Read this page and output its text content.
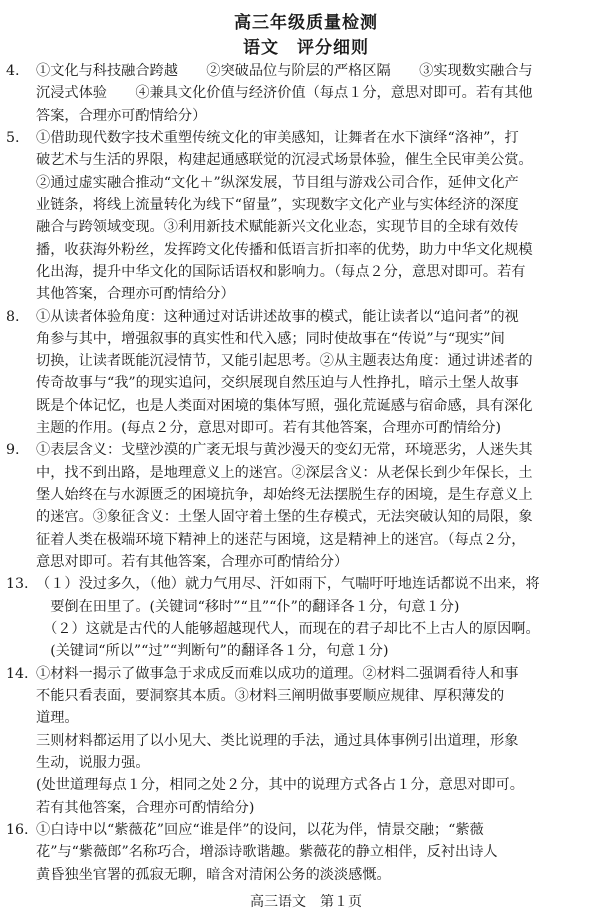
高三年级质量检测
语文　评分细则
4.	①文化与科技融合跨越　　②突破品位与阶层的严格区隔　　③实现数实融合与
沉浸式体验　　④兼具文化价值与经济价值（每点１分，意思对即可。若有其他
答案，合理亦可酌情给分）
5.	①借助现代数字技术重塑传统文化的审美感知，让舞者在水下演绎“洛神”，打
破艺术与生活的界限，构建起通感联觉的沉浸式场景体验，催生全民审美公赏。
②通过虚实融合推动“文化＋”纵深发展，节目组与游戏公司合作，延伸文化产
业链条，将线上流量转化为线下“留量”，实现数字文化产业与实体经济的深度
融合与跨领域变现。③利用新技术赋能新兴文化业态，实现节目的全球有效传
播，收获海外粉丝，发挥跨文化传播和低语言折扣率的优势，助力中华文化规模
化出海，提升中华文化的国际话语权和影响力。（每点２分，意思对即可。若有
其他答案，合理亦可酌情给分）
8.	①从读者体验角度：这种通过对话讲述故事的模式，能让读者以“追问者”的视
角参与其中，增强叙事的真实性和代入感；同时使故事在“传说”与“现实”间
切换，让读者既能沉浸情节，又能引起思考。②从主题表达角度：通过讲述者的
传奇故事与“我”的现实追问，交织展现自然压迫与人性挣扎，暗示土堡人故事
既是个体记忆，也是人类面对困境的集体写照，强化荒诞感与宿命感，具有深化
主题的作用。(每点２分，意思对即可。若有其他答案，合理亦可酌情给分)
9.	①表层含义：戈壁沙漠的广袤无垠与黄沙漫天的变幻无常，环境恶劣，人迷失其
中，找不到出路，是地理意义上的迷宫。②深层含义：从老保长到少年保长，土
堡人始终在与水源匮乏的困境抗争，却始终无法摆脱生存的困境，是生存意义上
的迷宫。③象征含义：土堡人固守着土堡的生存模式，无法突破认知的局限，象
征着人类在极端环境下精神上的迷茫与困境，这是精神上的迷宫。（每点２分，
意思对即可。若有其他答案，合理亦可酌情给分）
13. （１）没过多久，（他）就力气用尽、汗如雨下，气喘吁吁地连话都说不出来，将
　要倒在田里了。(关键词“移时”“且”“仆”的翻译各１分，句意１分)
　（２）这就是古代的人能够超越现代人，而现在的君子却比不上古人的原因啊。
　(关键词“所以”“过”“判断句”的翻译各１分，句意１分)
14. ①材料一揭示了做事急于求成反而难以成功的道理。②材料二强调看待人和事
不能只看表面，要洞察其本质。③材料三阐明做事要顺应规律、厚积薄发的
道理。
三则材料都运用了以小见大、类比说理的手法，通过具体事例引出道理，形象
生动，说服力强。
(处世道理每点１分，相同之处２分，其中的说理方式各占１分，意思对即可。
若有其他答案，合理亦可酌情给分)
高三语文　第１页
16. ①白诗中以“紫薇花”回应“谁是伴”的设问，以花为伴，情景交融；“紫薇
花”与“紫薇郎”名称巧合，增添诗歌谐趣。紫薇花的静立相伴，反衬出诗人
黄昏独坐官署的孤寂无聊，暗含对清闲公务的淡淡感慨。
